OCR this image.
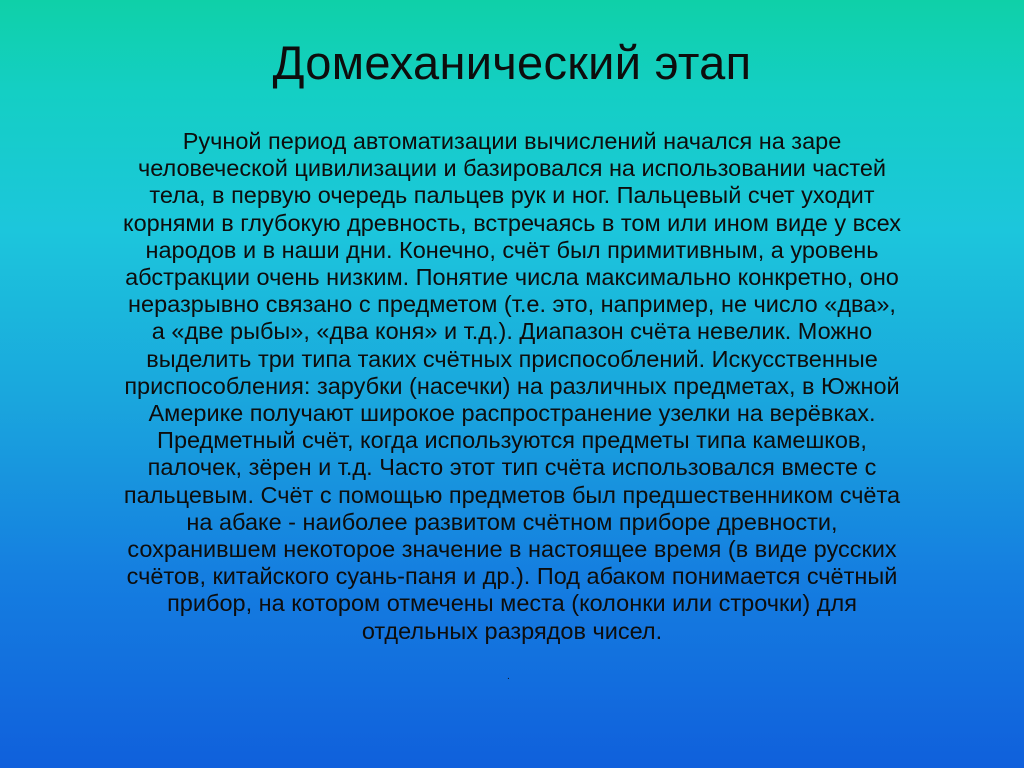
Домеханический этап

Ручной период автоматизации вычислений начался на заре
человеческой цивилизации и базировался на использовании частей
тела, в первую очередь пальцев рук и ног. Пальцевый счет уходит
корнями в глубокую древность, встречаясь в том или ином виде у всех
народов и в наши дни. Конечно, счёт был примитивным, а уровень
абстракции очень низким. Понятие числа максимально конкретно, оно
неразрывно связано с предметом (т.е. это, например, не число «два»,
а «две рыбы», «два коня» и т.д.). Диапазон счёта невелик. Можно
выделить три типа таких счётных приспособлений. Искусственные
приспособления: зарубки (насечки) на различных предметах, в Южной
Америке получают широкое распространение узелки на верёвках.
Предметный счёт, когда используются предметы типа камешков,
палочек, зёрен и т.д. Часто этот тип счёта использовался вместе с
пальцевым. Счёт с помощью предметов был предшественником счёта
на абаке - наиболее развитом счётном приборе древности,
сохранившем некоторое значение в настоящее время (в виде русских
счётов, китайского суань-паня и др.). Под абаком понимается счётный
прибор, на котором отмечены места (колонки или строчки) для
отдельных разрядов чисел.

.
